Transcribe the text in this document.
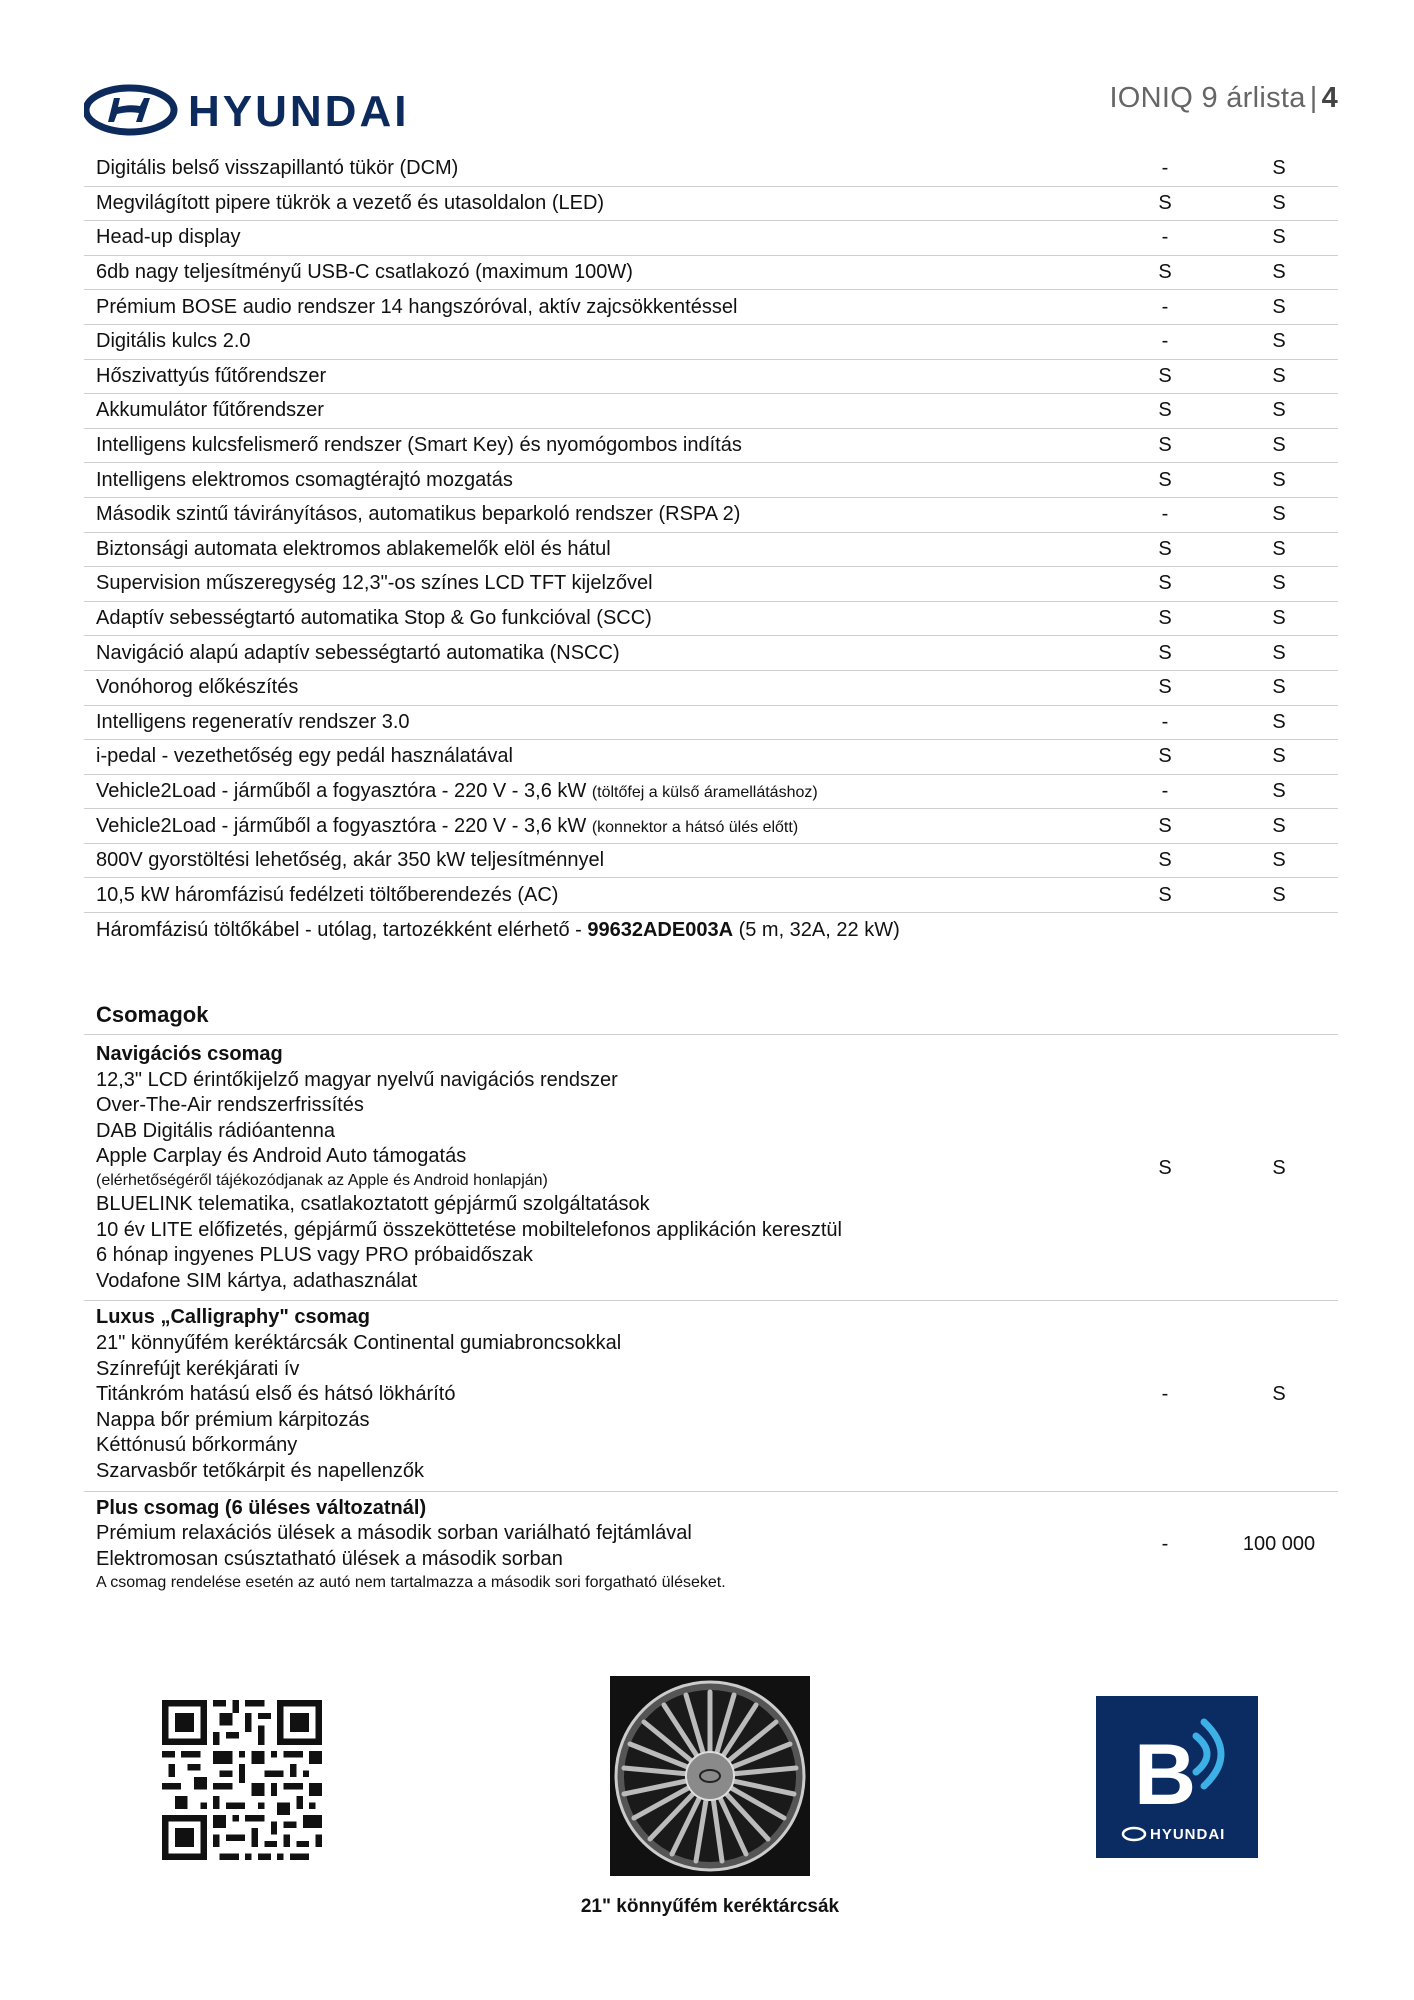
HYUNDAI	IONIQ 9 árlista | 4
Digitális belső visszapillantó tükör (DCM)	-	S
Megvilágított pipere tükrök a vezető és utasoldalon (LED)	S	S
Head-up display	-	S
6db nagy teljesítményű USB-C csatlakozó (maximum 100W)	S	S
Prémium BOSE audio rendszer 14 hangszóróval, aktív zajcsökkentéssel	-	S
Digitális kulcs 2.0	-	S
Hőszivattyús fűtőrendszer	S	S
Akkumulátor fűtőrendszer	S	S
Intelligens kulcsfelismerő rendszer (Smart Key) és nyomógombos indítás	S	S
Intelligens elektromos csomagtérajtó mozgatás	S	S
Második szintű távirányításos, automatikus beparkoló rendszer (RSPA 2)	-	S
Biztonsági automata elektromos ablakemelők elöl és hátul	S	S
Supervision műszeregység 12,3"-os színes LCD TFT kijelzővel	S	S
Adaptív sebességtartó automatika Stop & Go funkcióval (SCC)	S	S
Navigáció alapú adaptív sebességtartó automatika (NSCC)	S	S
Vonóhorog előkészítés	S	S
Intelligens regeneratív rendszer 3.0	-	S
i-pedal - vezethetőség egy pedál használatával	S	S
Vehicle2Load - járműből a fogyasztóra - 220 V - 3,6 kW (töltőfej a külső áramellátáshoz)	-	S
Vehicle2Load - járműből a fogyasztóra - 220 V - 3,6 kW (konnektor a hátsó ülés előtt)	S	S
800V gyorstöltési lehetőség, akár 350 kW teljesítménnyel	S	S
10,5 kW háromfázisú fedélzeti töltőberendezés (AC)	S	S
Háromfázisú töltőkábel - utólag, tartozékként elérhető - 99632ADE003A (5 m, 32A, 22 kW)
Csomagok
Navigációs csomag
12,3" LCD érintőkijelző magyar nyelvű navigációs rendszer
Over-The-Air rendszerfrissítés
DAB Digitális rádióantenna
Apple Carplay és Android Auto támogatás
(elérhetőségéről tájékozódjanak az Apple és Android honlapján)
BLUELINK telematika, csatlakoztatott gépjármű szolgáltatások
10 év LITE előfizetés, gépjármű összeköttetése mobiltelefonos applikáción keresztül
6 hónap ingyenes PLUS vagy PRO próbaidőszak
Vodafone SIM kártya, adathasználat
S	S
Luxus „Calligraphy" csomag
21" könnyűfém keréktárcsák Continental gumiabroncsokkal
Színrefújt kerékjárati ív
Titánkróm hatású első és hátsó lökhárító
Nappa bőr prémium kárpitozás
Kéttónusú bőrkormány
Szarvasbőr tetőkárpit és napellenzők
-	S
Plus csomag (6 üléses változatnál)
Prémium relaxációs ülések a második sorban variálható fejtámlával
Elektromosan csúsztatható ülések a második sorban
A csomag rendelése esetén az autó nem tartalmazza a második sori forgatható üléseket.
-	100 000
21" könnyűfém keréktárcsák
B
HYUNDAI
